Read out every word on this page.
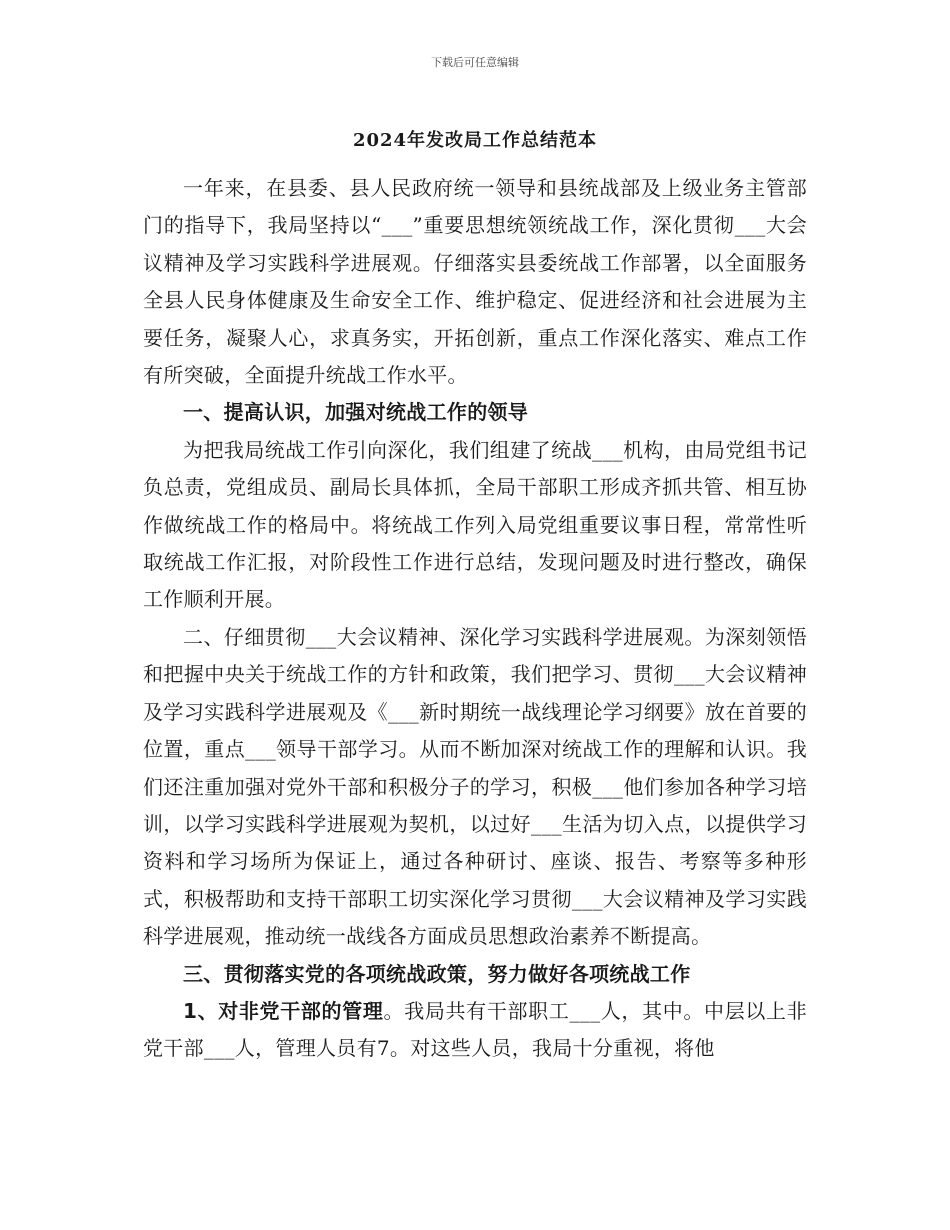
下载后可任意编辑
2024年发改局工作总结范本

一年来，在县委、县人民政府统一领导和县统战部及上级业务主管部门的指导下，我局坚持以“___”重要思想统领统战工作，深化贯彻___大会议精神及学习实践科学进展观。仔细落实县委统战工作部署，以全面服务全县人民身体健康及生命安全工作、维护稳定、促进经济和社会进展为主要任务，凝聚人心，求真务实，开拓创新，重点工作深化落实、难点工作有所突破，全面提升统战工作水平。

一、提高认识，加强对统战工作的领导

为把我局统战工作引向深化，我们组建了统战___机构，由局党组书记负总责，党组成员、副局长具体抓，全局干部职工形成齐抓共管、相互协作做统战工作的格局中。将统战工作列入局党组重要议事日程，常常性听取统战工作汇报，对阶段性工作进行总结，发现问题及时进行整改，确保工作顺利开展。

二、仔细贯彻___大会议精神、深化学习实践科学进展观。为深刻领悟和把握中央关于统战工作的方针和政策，我们把学习、贯彻___大会议精神及学习实践科学进展观及《___新时期统一战线理论学习纲要》放在首要的位置，重点___领导干部学习。从而不断加深对统战工作的理解和认识。我们还注重加强对党外干部和积极分子的学习，积极___他们参加各种学习培训，以学习实践科学进展观为契机，以过好___生活为切入点，以提供学习资料和学习场所为保证上，通过各种研讨、座谈、报告、考察等多种形式，积极帮助和支持干部职工切实深化学习贯彻___大会议精神及学习实践科学进展观，推动统一战线各方面成员思想政治素养不断提高。

三、贯彻落实党的各项统战政策，努力做好各项统战工作

1、对非党干部的管理。我局共有干部职工___人，其中。中层以上非党干部___人，管理人员有7。对这些人员，我局十分重视，将他
